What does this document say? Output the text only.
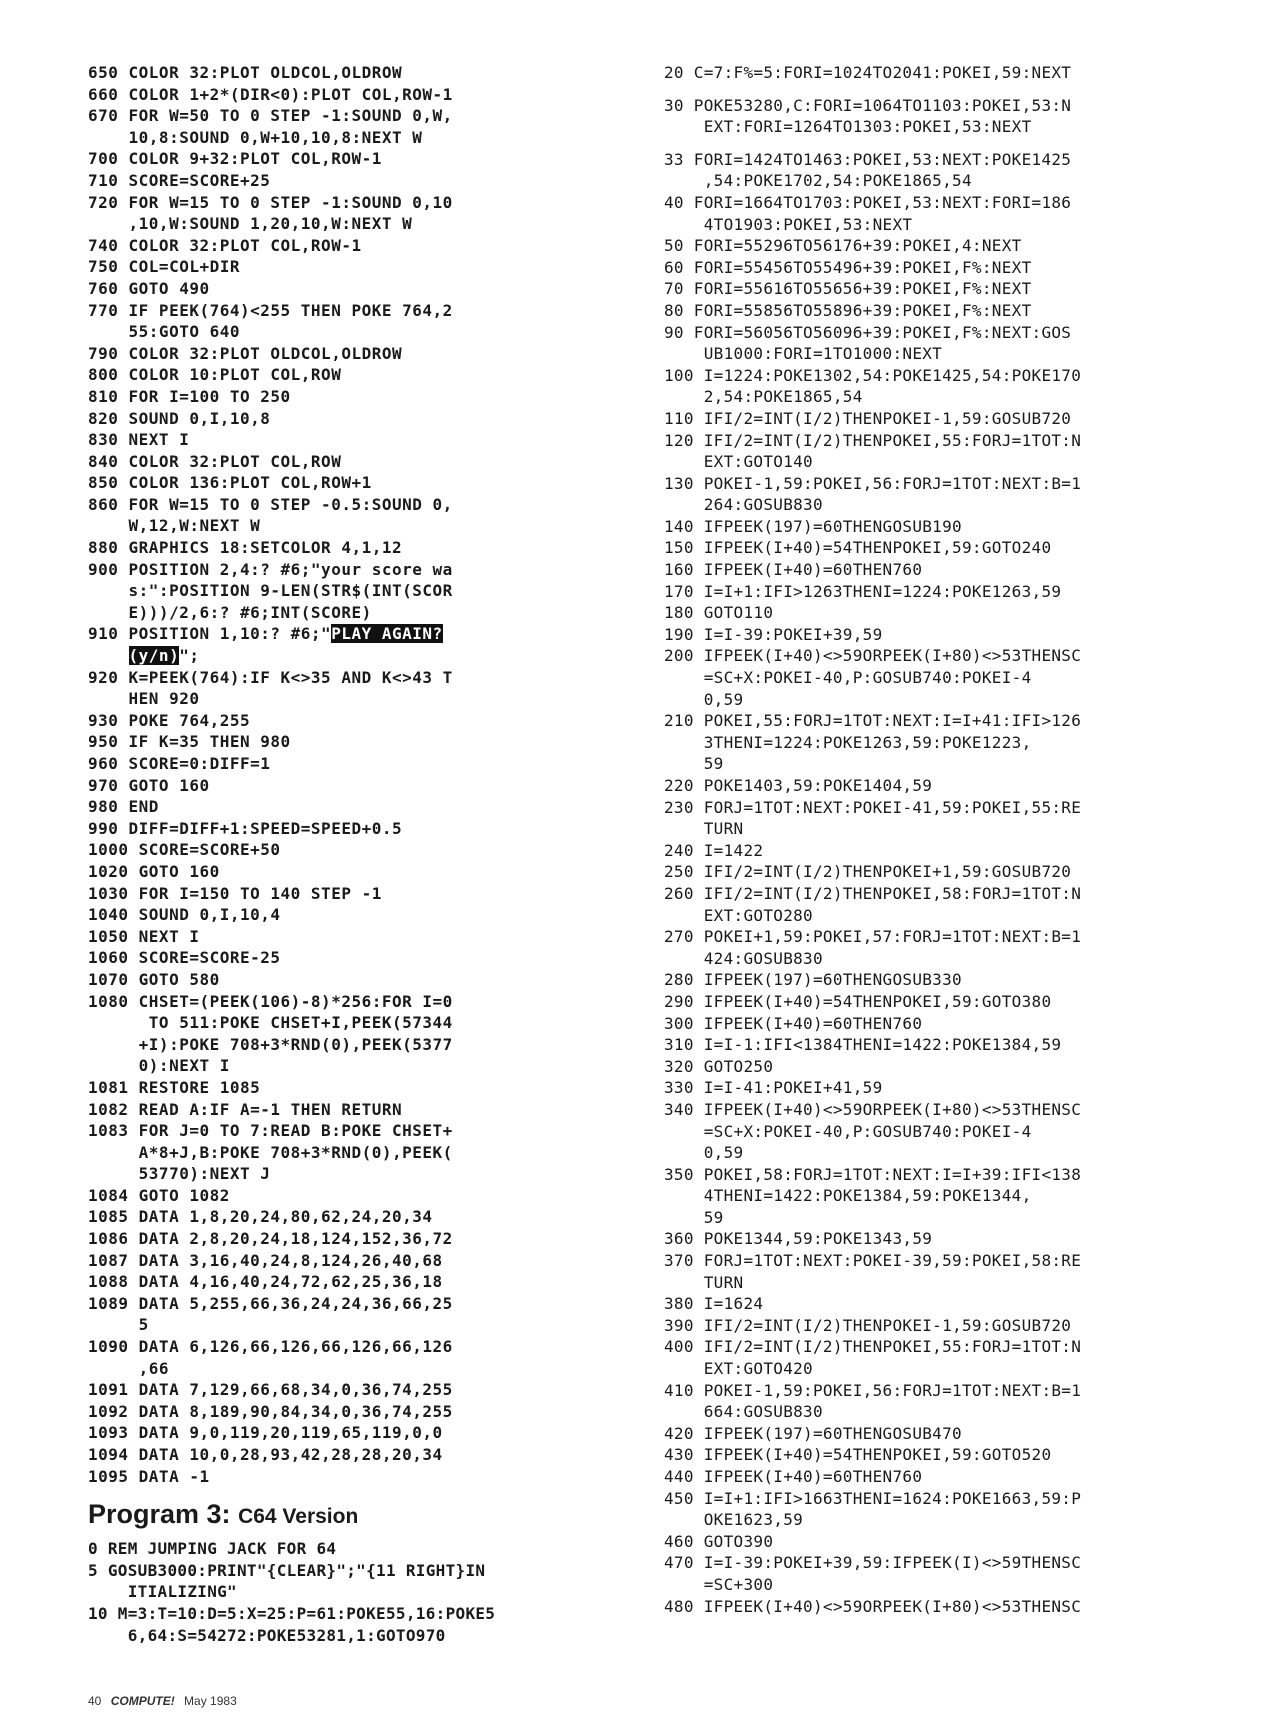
650 COLOR 32:PLOT OLDCOL,OLDROW
660 COLOR 1+2*(DIR<0):PLOT COL,ROW-1
670 FOR W=50 TO 0 STEP -1:SOUND 0,W,
10,8:SOUND 0,W+10,10,8:NEXT W
700 COLOR 9+32:PLOT COL,ROW-1
710 SCORE=SCORE+25
720 FOR W=15 TO 0 STEP -1:SOUND 0,10
,10,W:SOUND 1,20,10,W:NEXT W
740 COLOR 32:PLOT COL,ROW-1
750 COL=COL+DIR
760 GOTO 490
770 IF PEEK(764)<255 THEN POKE 764,2
55:GOTO 640
790 COLOR 32:PLOT OLDCOL,OLDROW
800 COLOR 10:PLOT COL,ROW
810 FOR I=100 TO 250
820 SOUND 0,I,10,8
830 NEXT I
840 COLOR 32:PLOT COL,ROW
850 COLOR 136:PLOT COL,ROW+1
860 FOR W=15 TO 0 STEP -0.5:SOUND 0,
W,12,W:NEXT W
880 GRAPHICS 18:SETCOLOR 4,1,12
900 POSITION 2,4:? #6;"your score wa
s:":POSITION 9-LEN(STR$(INT(SCOR
E)))/2,6:? #6;INT(SCORE)
910 POSITION 1,10:? #6;"PLAY AGAIN?
(y/n)";
920 K=PEEK(764):IF K<>35 AND K<>43 T
HEN 920
930 POKE 764,255
950 IF K=35 THEN 980
960 SCORE=0:DIFF=1
970 GOTO 160
980 END
990 DIFF=DIFF+1:SPEED=SPEED+0.5
1000 SCORE=SCORE+50
1020 GOTO 160
1030 FOR I=150 TO 140 STEP -1
1040 SOUND 0,I,10,4
1050 NEXT I
1060 SCORE=SCORE-25
1070 GOTO 580
1080 CHSET=(PEEK(106)-8)*256:FOR I=0
TO 511:POKE CHSET+I,PEEK(57344
+I):POKE 708+3*RND(0),PEEK(5377
0):NEXT I
1081 RESTORE 1085
1082 READ A:IF A=-1 THEN RETURN
1083 FOR J=0 TO 7:READ B:POKE CHSET+
A*8+J,B:POKE 708+3*RND(0),PEEK(
53770):NEXT J
1084 GOTO 1082
1085 DATA 1,8,20,24,80,62,24,20,34
1086 DATA 2,8,20,24,18,124,152,36,72
1087 DATA 3,16,40,24,8,124,26,40,68
1088 DATA 4,16,40,24,72,62,25,36,18
1089 DATA 5,255,66,36,24,24,36,66,25
5
1090 DATA 6,126,66,126,66,126,66,126
,66
1091 DATA 7,129,66,68,34,0,36,74,255
1092 DATA 8,189,90,84,34,0,36,74,255
1093 DATA 9,0,119,20,119,65,119,0,0
1094 DATA 10,0,28,93,42,28,28,20,34
1095 DATA -1
Program 3: C64 Version
0 REM JUMPING JACK FOR 64
5 GOSUB3000:PRINT"{CLEAR}";"{11 RIGHT}IN
ITIALIZING"
10 M=3:T=10:D=5:X=25:P=61:POKE55,16:POKE5
6,64:S=54272:POKE53281,1:GOTO970
20 C=7:F%=5:FORI=1024TO2041:POKEI,59:NEXT
30 POKE53280,C:FORI=1064TO1103:POKEI,53:N
EXT:FORI=1264TO1303:POKEI,53:NEXT
33 FORI=1424TO1463:POKEI,53:NEXT:POKE1425
,54:POKE1702,54:POKE1865,54
40 FORI=1664TO1703:POKEI,53:NEXT:FORI=186
4TO1903:POKEI,53:NEXT
50 FORI=55296TO56176+39:POKEI,4:NEXT
60 FORI=55456TO55496+39:POKEI,F%:NEXT
70 FORI=55616TO55656+39:POKEI,F%:NEXT
80 FORI=55856TO55896+39:POKEI,F%:NEXT
90 FORI=56056TO56096+39:POKEI,F%:NEXT:GOS
UB1000:FORI=1TO1000:NEXT
100 I=1224:POKE1302,54:POKE1425,54:POKE170
2,54:POKE1865,54
110 IFI/2=INT(I/2)THENPOKEI-1,59:GOSUB720
120 IFI/2=INT(I/2)THENPOKEI,55:FORJ=1TOT:N
EXT:GOTO140
130 POKEI-1,59:POKEI,56:FORJ=1TOT:NEXT:B=1
264:GOSUB830
140 IFPEEK(197)=60THENGOSUB190
150 IFPEEK(I+40)=54THENPOKEI,59:GOTO240
160 IFPEEK(I+40)=60THEN760
170 I=I+1:IFI>1263THENI=1224:POKE1263,59
180 GOTO110
190 I=I-39:POKEI+39,59
200 IFPEEK(I+40)<>59ORPEEK(I+80)<>53THENSC
=SC+X:POKEI-40,P:GOSUB740:POKEI-4
0,59
210 POKEI,55:FORJ=1TOT:NEXT:I=I+41:IFI>126
3THENI=1224:POKE1263,59:POKE1223,
59
220 POKE1403,59:POKE1404,59
230 FORJ=1TOT:NEXT:POKEI-41,59:POKEI,55:RE
TURN
240 I=1422
250 IFI/2=INT(I/2)THENPOKEI+1,59:GOSUB720
260 IFI/2=INT(I/2)THENPOKEI,58:FORJ=1TOT:N
EXT:GOTO280
270 POKEI+1,59:POKEI,57:FORJ=1TOT:NEXT:B=1
424:GOSUB830
280 IFPEEK(197)=60THENGOSUB330
290 IFPEEK(I+40)=54THENPOKEI,59:GOTO380
300 IFPEEK(I+40)=60THEN760
310 I=I-1:IFI<1384THENI=1422:POKE1384,59
320 GOTO250
330 I=I-41:POKEI+41,59
340 IFPEEK(I+40)<>59ORPEEK(I+80)<>53THENSC
=SC+X:POKEI-40,P:GOSUB740:POKEI-4
0,59
350 POKEI,58:FORJ=1TOT:NEXT:I=I+39:IFI<138
4THENI=1422:POKE1384,59:POKE1344,
59
360 POKE1344,59:POKE1343,59
370 FORJ=1TOT:NEXT:POKEI-39,59:POKEI,58:RE
TURN
380 I=1624
390 IFI/2=INT(I/2)THENPOKEI-1,59:GOSUB720
400 IFI/2=INT(I/2)THENPOKEI,55:FORJ=1TOT:N
EXT:GOTO420
410 POKEI-1,59:POKEI,56:FORJ=1TOT:NEXT:B=1
664:GOSUB830
420 IFPEEK(197)=60THENGOSUB470
430 IFPEEK(I+40)=54THENPOKEI,59:GOTO520
440 IFPEEK(I+40)=60THEN760
450 I=I+1:IFI>1663THENI=1624:POKE1663,59:P
OKE1623,59
460 GOTO390
470 I=I-39:POKEI+39,59:IFPEEK(I)<>59THENSC
=SC+300
480 IFPEEK(I+40)<>59ORPEEK(I+80)<>53THENSC
40 COMPUTE! May 1983
